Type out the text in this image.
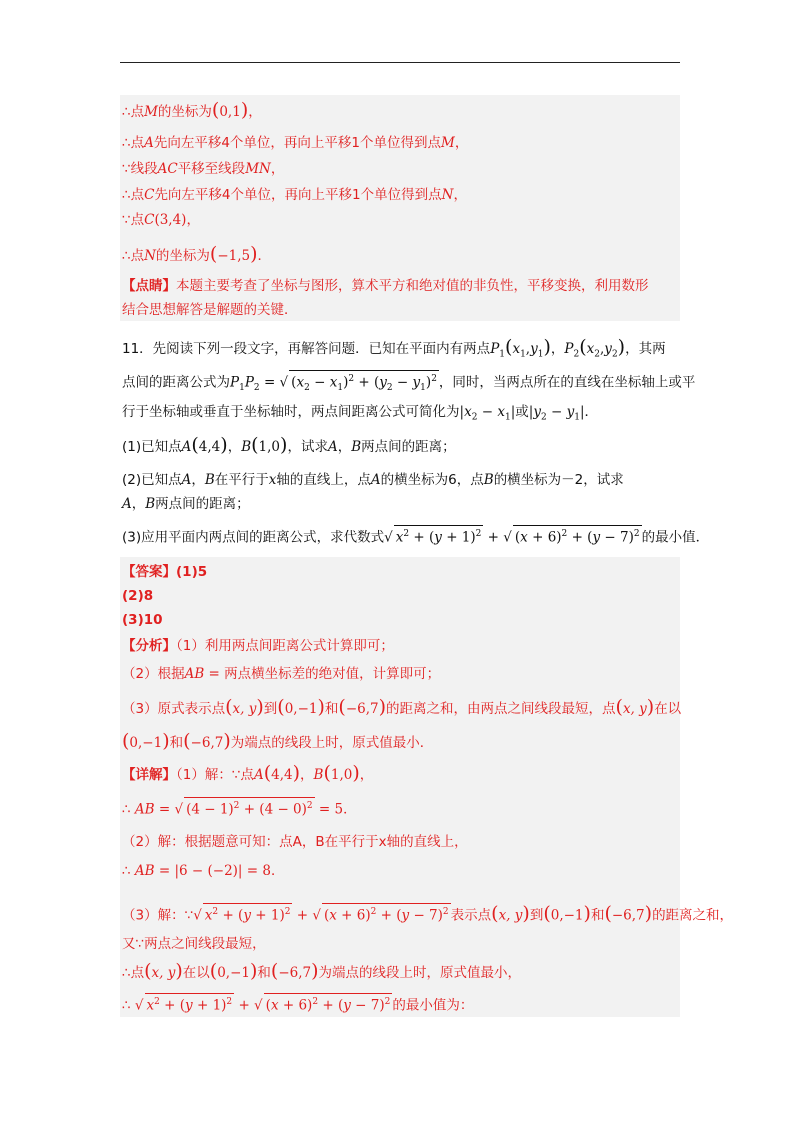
∴点M的坐标为(0,1)，
∴点A先向左平移4个单位，再向上平移1个单位得到点M，
∵线段AC平移至线段MN，
∴点C先向左平移4个单位，再向上平移1个单位得到点N，
∵点C(3,4)，
∴点N的坐标为(−1,5)．
【点睛】本题主要考查了坐标与图形，算术平方和绝对值的非负性，平移变换，利用数形
结合思想解答是解题的关键．
11．先阅读下列一段文字，再解答问题．已知在平面内有两点$P_1(x_1,y_1)$，$P_2(x_2,y_2)$，其两
点间的距离公式为$P_1P_2$ = √ $(x_2 - x_1)^2 + (y_2 - y_1)^2$ ，同时，当两点所在的直线在坐标轴上或平
行于坐标轴或垂直于坐标轴时，两点间距离公式可简化为$|x_2 - x_1|$或$|y_2 - y_1|$．
(1)已知点A(4,4)，B(1,0)，试求A，B两点间的距离；
(2)已知点A，B在平行于x轴的直线上，点A的横坐标为6，点B的横坐标为－2，试求
A，B两点间的距离；
(3)应用平面内两点间的距离公式，求代数式√ $x^2 + (y + 1)^2$ + √ $(x + 6)^2 + (y - 7)^2$ 的最小值．
【答案】(1)5
(2)8
(3)10
【分析】（1）利用两点间距离公式计算即可；
（2）根据AB = 两点横坐标差的绝对值，计算即可；
（3）原式表示点(x, y)到(0,−1)和(−6,7)的距离之和，由两点之间线段最短，点(x, y)在以
(0,−1)和(−6,7)为端点的线段上时，原式值最小．
【详解】（1）解：∵点A(4,4)，B(1,0)，
∴ AB = √ $(4 - 1)^2 + (4 - 0)^2 = 5$．
（2）解：根据题意可知：点A，B在平行于x轴的直线上，
∴ AB = |6 − (−2)| = 8．
（3）解：∵√ $x^2 + (y + 1)^2$ + √ $(x + 6)^2 + (y - 7)^2$ 表示点(x, y)到(0,−1)和(−6,7)的距离之和，
又∵两点之间线段最短，
∴点(x, y)在以(0,−1)和(−6,7)为端点的线段上时，原式值最小，
∴ √ $x^2 + (y + 1)^2$ + √ $(x + 6)^2 + (y - 7)^2$ 的最小值为：
